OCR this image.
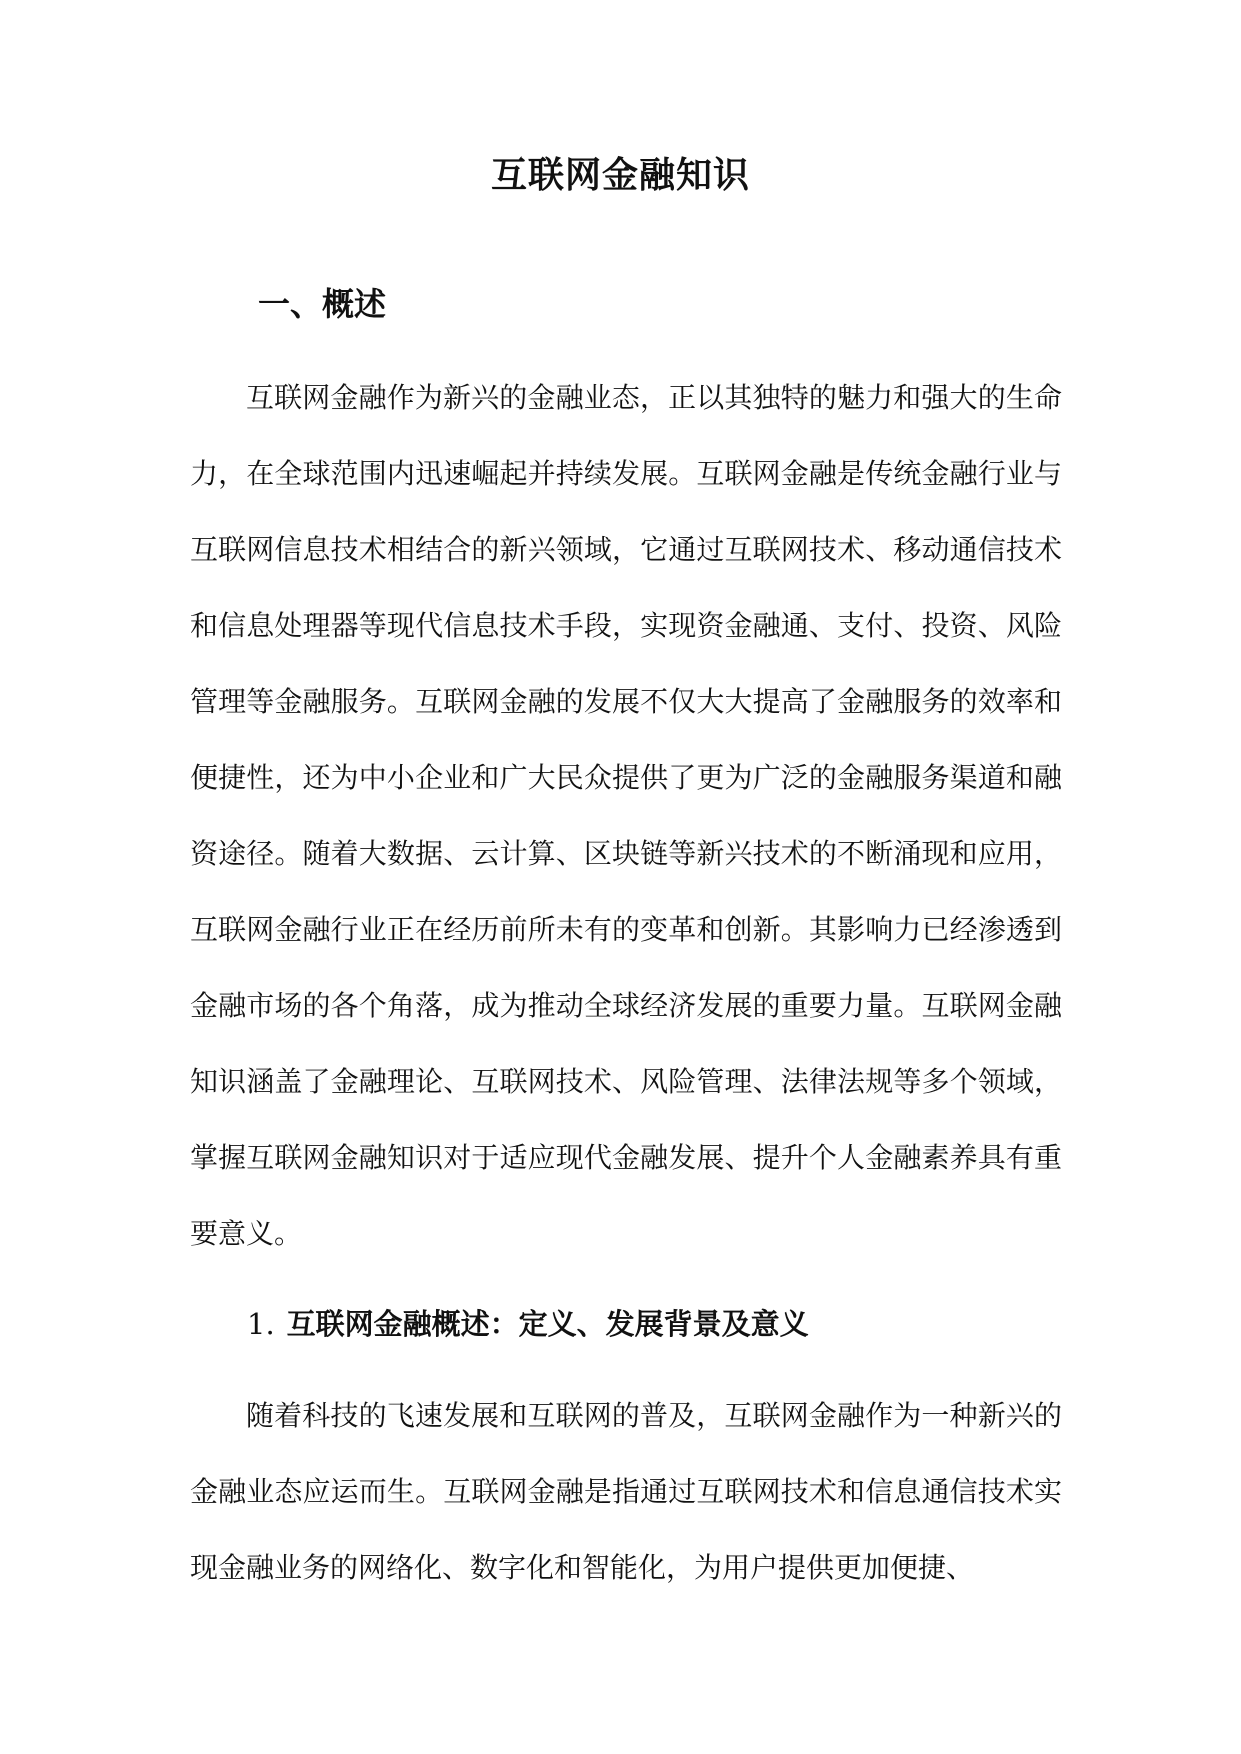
互联网金融知识
一、概述

互联网金融作为新兴的金融业态，正以其独特的魅力和强大的生命力，在全球范围内迅速崛起并持续发展。互联网金融是传统金融行业与互联网信息技术相结合的新兴领域，它通过互联网技术、移动通信技术和信息处理器等现代信息技术手段，实现资金融通、支付、投资、风险管理等金融服务。互联网金融的发展不仅大大提高了金融服务的效率和便捷性，还为中小企业和广大民众提供了更为广泛的金融服务渠道和融资途径。随着大数据、云计算、区块链等新兴技术的不断涌现和应用，互联网金融行业正在经历前所未有的变革和创新。其影响力已经渗透到金融市场的各个角落，成为推动全球经济发展的重要力量。互联网金融知识涵盖了金融理论、互联网技术、风险管理、法律法规等多个领域，掌握互联网金融知识对于适应现代金融发展、提升个人金融素养具有重要意义。

1. 互联网金融概述：定义、发展背景及意义

随着科技的飞速发展和互联网的普及，互联网金融作为一种新兴的金融业态应运而生。互联网金融是指通过互联网技术和信息通信技术实现金融业务的网络化、数字化和智能化，为用户提供更加便捷、
